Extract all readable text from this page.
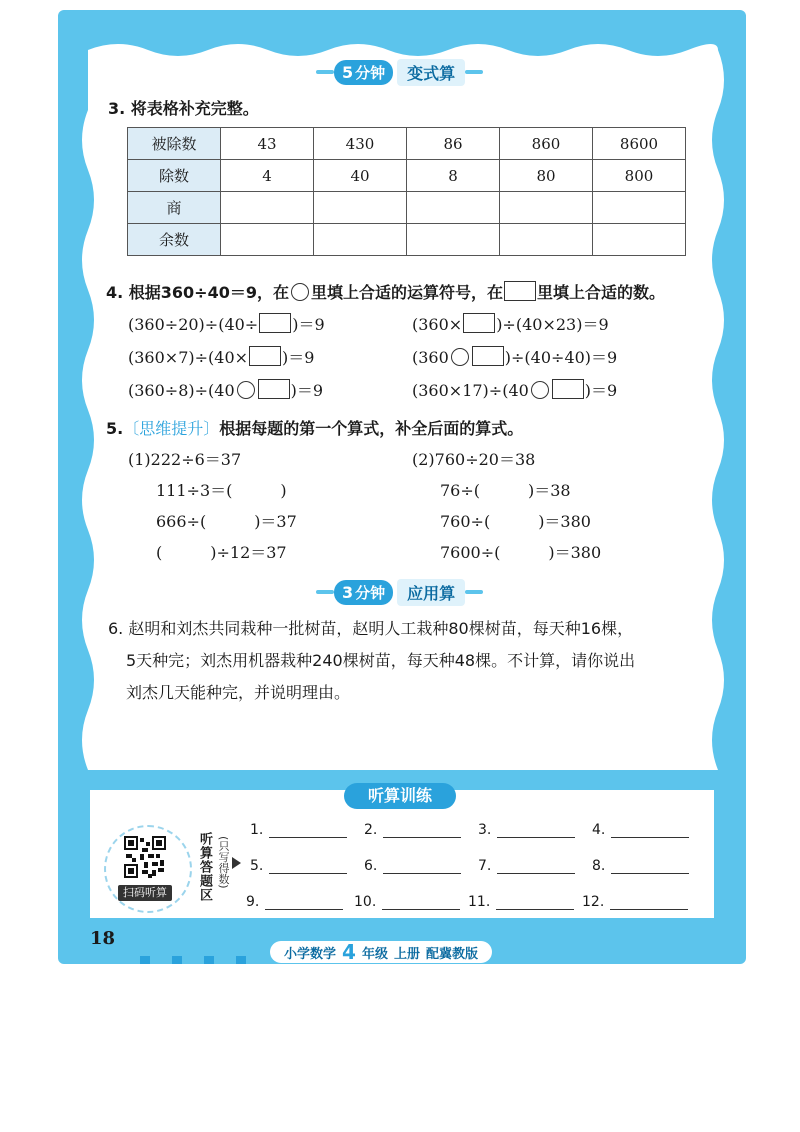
5 分钟	变式算
3. 将表格补充完整。
被除数	43	430	86	860	8600
除数	4	40	8	80	800
商					
余数					
4. 根据360÷40＝9，在 里填上合适的运算符号，在 里填上合适的数。
(360÷20)÷(40÷ )＝9	(360× )÷(40×23)＝9
(360×7)÷(40× )＝9	(360	)÷(40÷40)＝9
(360÷8)÷(40	)＝9	(360×17)÷(40	)＝9
5.〔思维提升〕根据每题的第一个算式，补全后面的算式。
(1)222÷6＝37
111÷3＝(　　　)
666÷(　　　)＝37
(　　　)÷12＝37
(2)760÷20＝38
76÷(　　　)＝38
760÷(　　　)＝380
7600÷(　　　)＝380
3 分钟	应用算
6. 赵明和刘杰共同栽种一批树苗，赵明人工栽种80棵树苗，每天种16棵，
5天种完；刘杰用机器栽种240棵树苗，每天种48棵。不计算，请你说出
刘杰几天能种完，并说明理由。
听算训练
扫码听算	听算答题区 (只写得数)
1.	2.	3.	4.
5.	6.	7.	8.
9.	10.	11.	12.
18
小学数学 4 年级 上册 配冀教版
